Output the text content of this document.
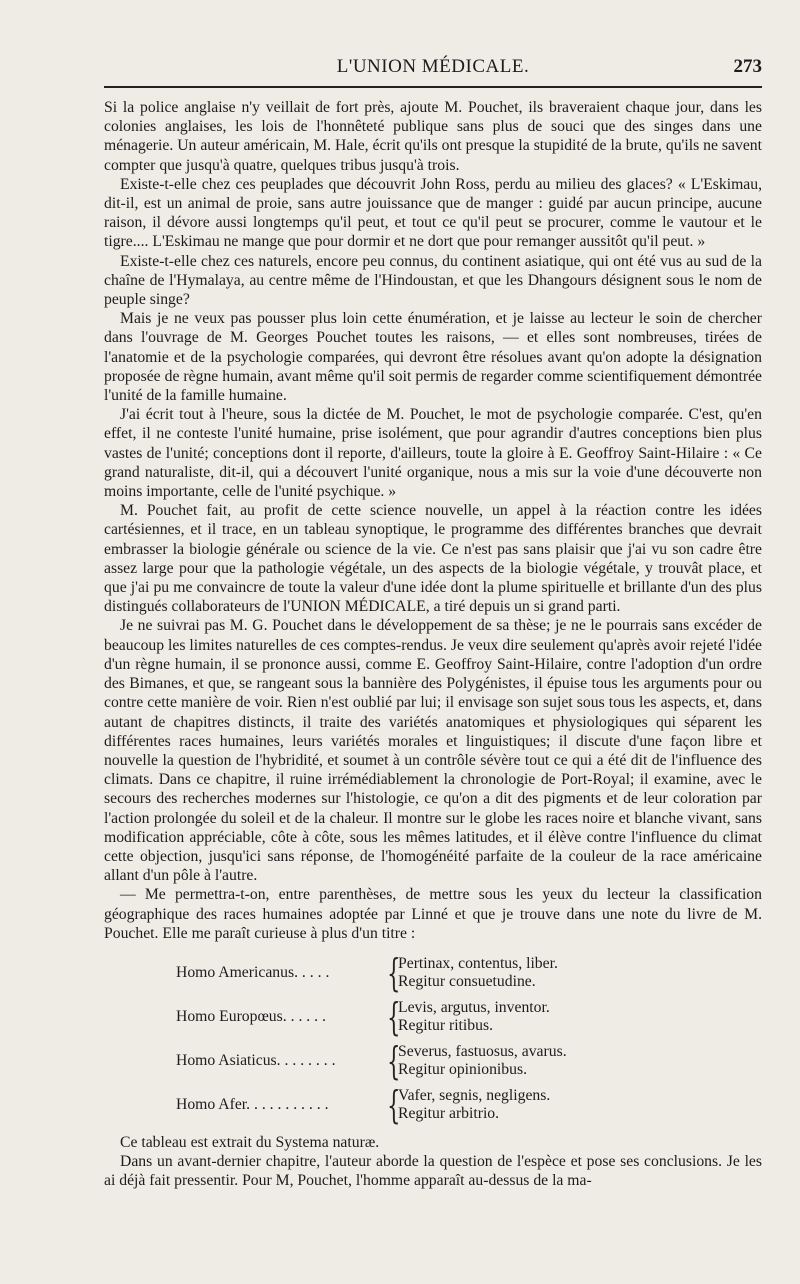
L'UNION MÉDICALE.	273

Si la police anglaise n'y veillait de fort près, ajoute M. Pouchet, ils braveraient chaque jour, dans les colonies anglaises, les lois de l'honnêteté publique sans plus de souci que des singes dans une ménagerie. Un auteur américain, M. Hale, écrit qu'ils ont presque la stupidité de la brute, qu'ils ne savent compter que jusqu'à quatre, quelques tribus jusqu'à trois.

Existe-t-elle chez ces peuplades que découvrit John Ross, perdu au milieu des glaces? « L'Eskimau, dit-il, est un animal de proie, sans autre jouissance que de manger : guidé par aucun principe, aucune raison, il dévore aussi longtemps qu'il peut, et tout ce qu'il peut se procurer, comme le vautour et le tigre.... L'Eskimau ne mange que pour dormir et ne dort que pour remanger aussitôt qu'il peut. »

Existe-t-elle chez ces naturels, encore peu connus, du continent asiatique, qui ont été vus au sud de la chaîne de l'Hymalaya, au centre même de l'Hindoustan, et que les Dhangours désignent sous le nom de peuple singe?

Mais je ne veux pas pousser plus loin cette énumération, et je laisse au lecteur le soin de chercher dans l'ouvrage de M. Georges Pouchet toutes les raisons, — et elles sont nombreuses, tirées de l'anatomie et de la psychologie comparées, qui devront être résolues avant qu'on adopte la désignation proposée de règne humain, avant même qu'il soit permis de regarder comme scientifiquement démontrée l'unité de la famille humaine.

J'ai écrit tout à l'heure, sous la dictée de M. Pouchet, le mot de psychologie comparée. C'est, qu'en effet, il ne conteste l'unité humaine, prise isolément, que pour agrandir d'autres conceptions bien plus vastes de l'unité; conceptions dont il reporte, d'ailleurs, toute la gloire à E. Geoffroy Saint-Hilaire : « Ce grand naturaliste, dit-il, qui a découvert l'unité organique, nous a mis sur la voie d'une découverte non moins importante, celle de l'unité psychique. »

M. Pouchet fait, au profit de cette science nouvelle, un appel à la réaction contre les idées cartésiennes, et il trace, en un tableau synoptique, le programme des différentes branches que devrait embrasser la biologie générale ou science de la vie. Ce n'est pas sans plaisir que j'ai vu son cadre être assez large pour que la pathologie végétale, un des aspects de la biologie végétale, y trouvât place, et que j'ai pu me convaincre de toute la valeur d'une idée dont la plume spirituelle et brillante d'un des plus distingués collaborateurs de l'UNION MÉDICALE, a tiré depuis un si grand parti.

Je ne suivrai pas M. G. Pouchet dans le développement de sa thèse; je ne le pourrais sans excéder de beaucoup les limites naturelles de ces comptes-rendus. Je veux dire seulement qu'après avoir rejeté l'idée d'un règne humain, il se prononce aussi, comme E. Geoffroy Saint-Hilaire, contre l'adoption d'un ordre des Bimanes, et que, se rangeant sous la bannière des Polygénistes, il épuise tous les arguments pour ou contre cette manière de voir. Rien n'est oublié par lui; il envisage son sujet sous tous les aspects, et, dans autant de chapitres distincts, il traite des variétés anatomiques et physiologiques qui séparent les différentes races humaines, leurs variétés morales et linguistiques; il discute d'une façon libre et nouvelle la question de l'hybridité, et soumet à un contrôle sévère tout ce qui a été dit de l'influence des climats. Dans ce chapitre, il ruine irrémédiablement la chronologie de Port-Royal; il examine, avec le secours des recherches modernes sur l'histologie, ce qu'on a dit des pigments et de leur coloration par l'action prolongée du soleil et de la chaleur. Il montre sur le globe les races noire et blanche vivant, sans modification appréciable, côte à côte, sous les mêmes latitudes, et il élève contre l'influence du climat cette objection, jusqu'ici sans réponse, de l'homogénéité parfaite de la couleur de la race américaine allant d'un pôle à l'autre.

— Me permettra-t-on, entre parenthèses, de mettre sous les yeux du lecteur la classification géographique des races humaines adoptée par Linné et que je trouve dans une note du livre de M. Pouchet. Elle me paraît curieuse à plus d'un titre :

Homo Americanus. . . . .	{
Pertinax, contentus, liber.
Regitur consuetudine.
Homo Europœus. . . . . .	{
Levis, argutus, inventor.
Regitur ritibus.
Homo Asiaticus. . . . . . . .	{
Severus, fastuosus, avarus.
Regitur opinionibus.
Homo Afer. . . . . . . . . . .	{
Vafer, segnis, negligens.
Regitur arbitrio.

Ce tableau est extrait du Systema naturæ.

Dans un avant-dernier chapitre, l'auteur aborde la question de l'espèce et pose ses conclusions. Je les ai déjà fait pressentir. Pour M, Pouchet, l'homme apparaît au-dessus de la ma-
